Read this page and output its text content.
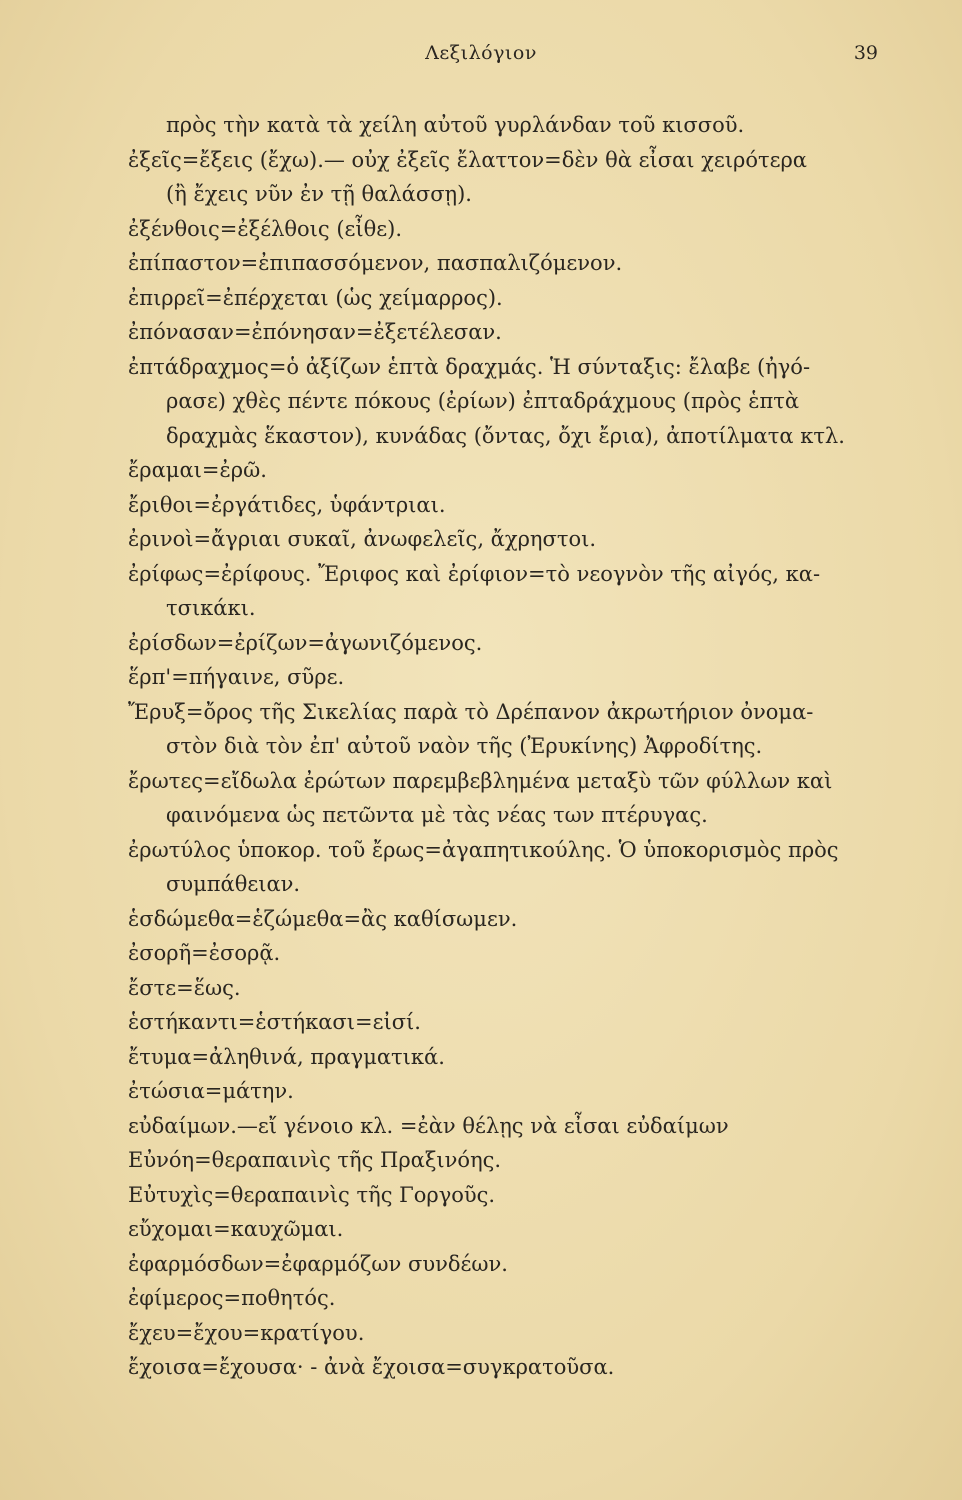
Λεξιλόγιον	39
πρὸς τὴν κατὰ τὰ χείλη αὐτοῦ γυρλάνδαν τοῦ κισσοῦ.
ἐξεῖς=ἔξεις (ἔχω).— οὐχ ἐξεῖς ἔλαττον=δὲν θὰ εἶσαι χειρότερα
(ἢ ἔχεις νῦν ἐν τῇ θαλάσσῃ).
ἐξένθοις=ἐξέλθοις (εἶθε).
ἐπίπαστον=ἐπιπασσόμενον, πασπαλιζόμενον.
ἐπιρρεῖ=ἐπέρχεται (ὡς χείμαρρος).
ἐπόνασαν=ἐπόνησαν=ἐξετέλεσαν.
ἐπτάδραχμος=ὁ ἀξίζων ἑπτὰ δραχμάς. Ἡ σύνταξις: ἔλαβε (ἠγό-
ρασε) χθὲς πέντε πόκους (ἐρίων) ἐπταδράχμους (πρὸς ἑπτὰ
δραχμὰς ἕκαστον), κυνάδας (ὄντας, ὄχι ἔρια), ἀποτίλματα κτλ.
ἔραμαι=ἐρῶ.
ἔριθοι=ἐργάτιδες, ὑφάντριαι.
ἐρινοὶ=ἄγριαι συκαῖ, ἀνωφελεῖς, ἄχρηστοι.
ἐρίφως=ἐρίφους. Ἔριφος καὶ ἐρίφιον=τὸ νεογνὸν τῆς αἰγός, κα-
τσικάκι.
ἐρίσδων=ἐρίζων=ἀγωνιζόμενος.
ἕρπ'=πήγαινε, σῦρε.
Ἔρυξ=ὄρος τῆς Σικελίας παρὰ τὸ Δρέπανον ἀκρωτήριον ὀνομα-
στὸν διὰ τὸν ἐπ' αὐτοῦ ναὸν τῆς (Ἐρυκίνης) Ἀφροδίτης.
ἔρωτες=εἴδωλα ἐρώτων παρεμβεβλημένα μεταξὺ τῶν φύλλων καὶ
φαινόμενα ὡς πετῶντα μὲ τὰς νέας των πτέρυγας.
ἐρωτύλος ὑποκορ. τοῦ ἔρως=ἀγαπητικούλης. Ὁ ὑποκορισμὸς πρὸς
συμπάθειαν.
ἑσδώμεθα=ἑζώμεθα=ἂς καθίσωμεν.
ἐσορῆ=ἐσορᾷ.
ἔστε=ἕως.
ἑστήκαντι=ἑστήκασι=εἰσί.
ἔτυμα=ἀληθινά, πραγματικά.
ἐτώσια=μάτην.
εὐδαίμων.—εἴ γένοιο κλ. =ἐὰν θέλῃς νὰ εἶσαι εὐδαίμων
Εὐνόη=θεραπαινὶς τῆς Πραξινόης.
Εὐτυχὶς=θεραπαινὶς τῆς Γοργοῦς.
εὔχομαι=καυχῶμαι.
ἐφαρμόσδων=ἐφαρμόζων συνδέων.
ἐφίμερος=ποθητός.
ἔχευ=ἔχου=κρατίγου.
ἔχοισα=ἔχουσα· - ἀνὰ ἔχοισα=συγκρατοῦσα.
